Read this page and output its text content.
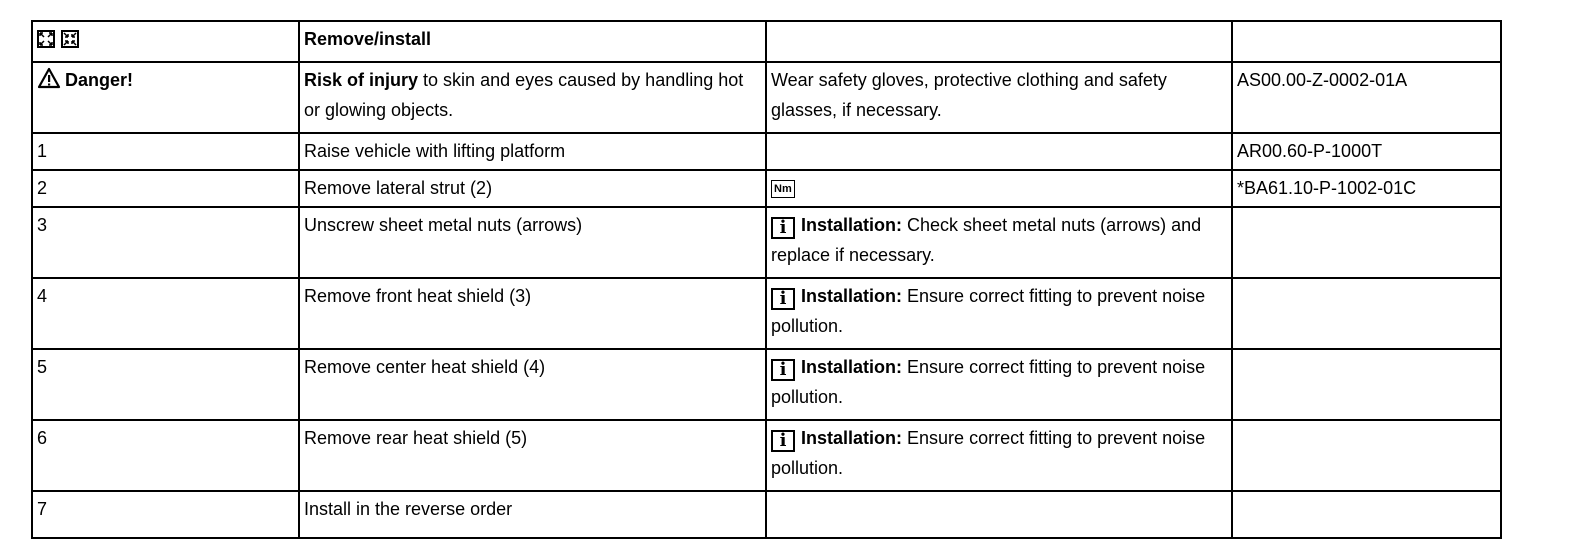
	Remove/install		
Danger!	Risk of injury to skin and eyes caused by handling hot or glowing objects.	Wear safety gloves, protective clothing and safety glasses, if necessary.	AS00.00-Z-0002-01A
1	Raise vehicle with lifting platform		AR00.60-P-1000T
2	Remove lateral strut (2)	Nm	*BA61.10-P-1002-01C
3	Unscrew sheet metal nuts (arrows)	i Installation: Check sheet metal nuts (arrows) and replace if necessary.	
4	Remove front heat shield (3)	i Installation: Ensure correct fitting to prevent noise pollution.	
5	Remove center heat shield (4)	i Installation: Ensure correct fitting to prevent noise pollution.	
6	Remove rear heat shield (5)	i Installation: Ensure correct fitting to prevent noise pollution.	
7	Install in the reverse order		
